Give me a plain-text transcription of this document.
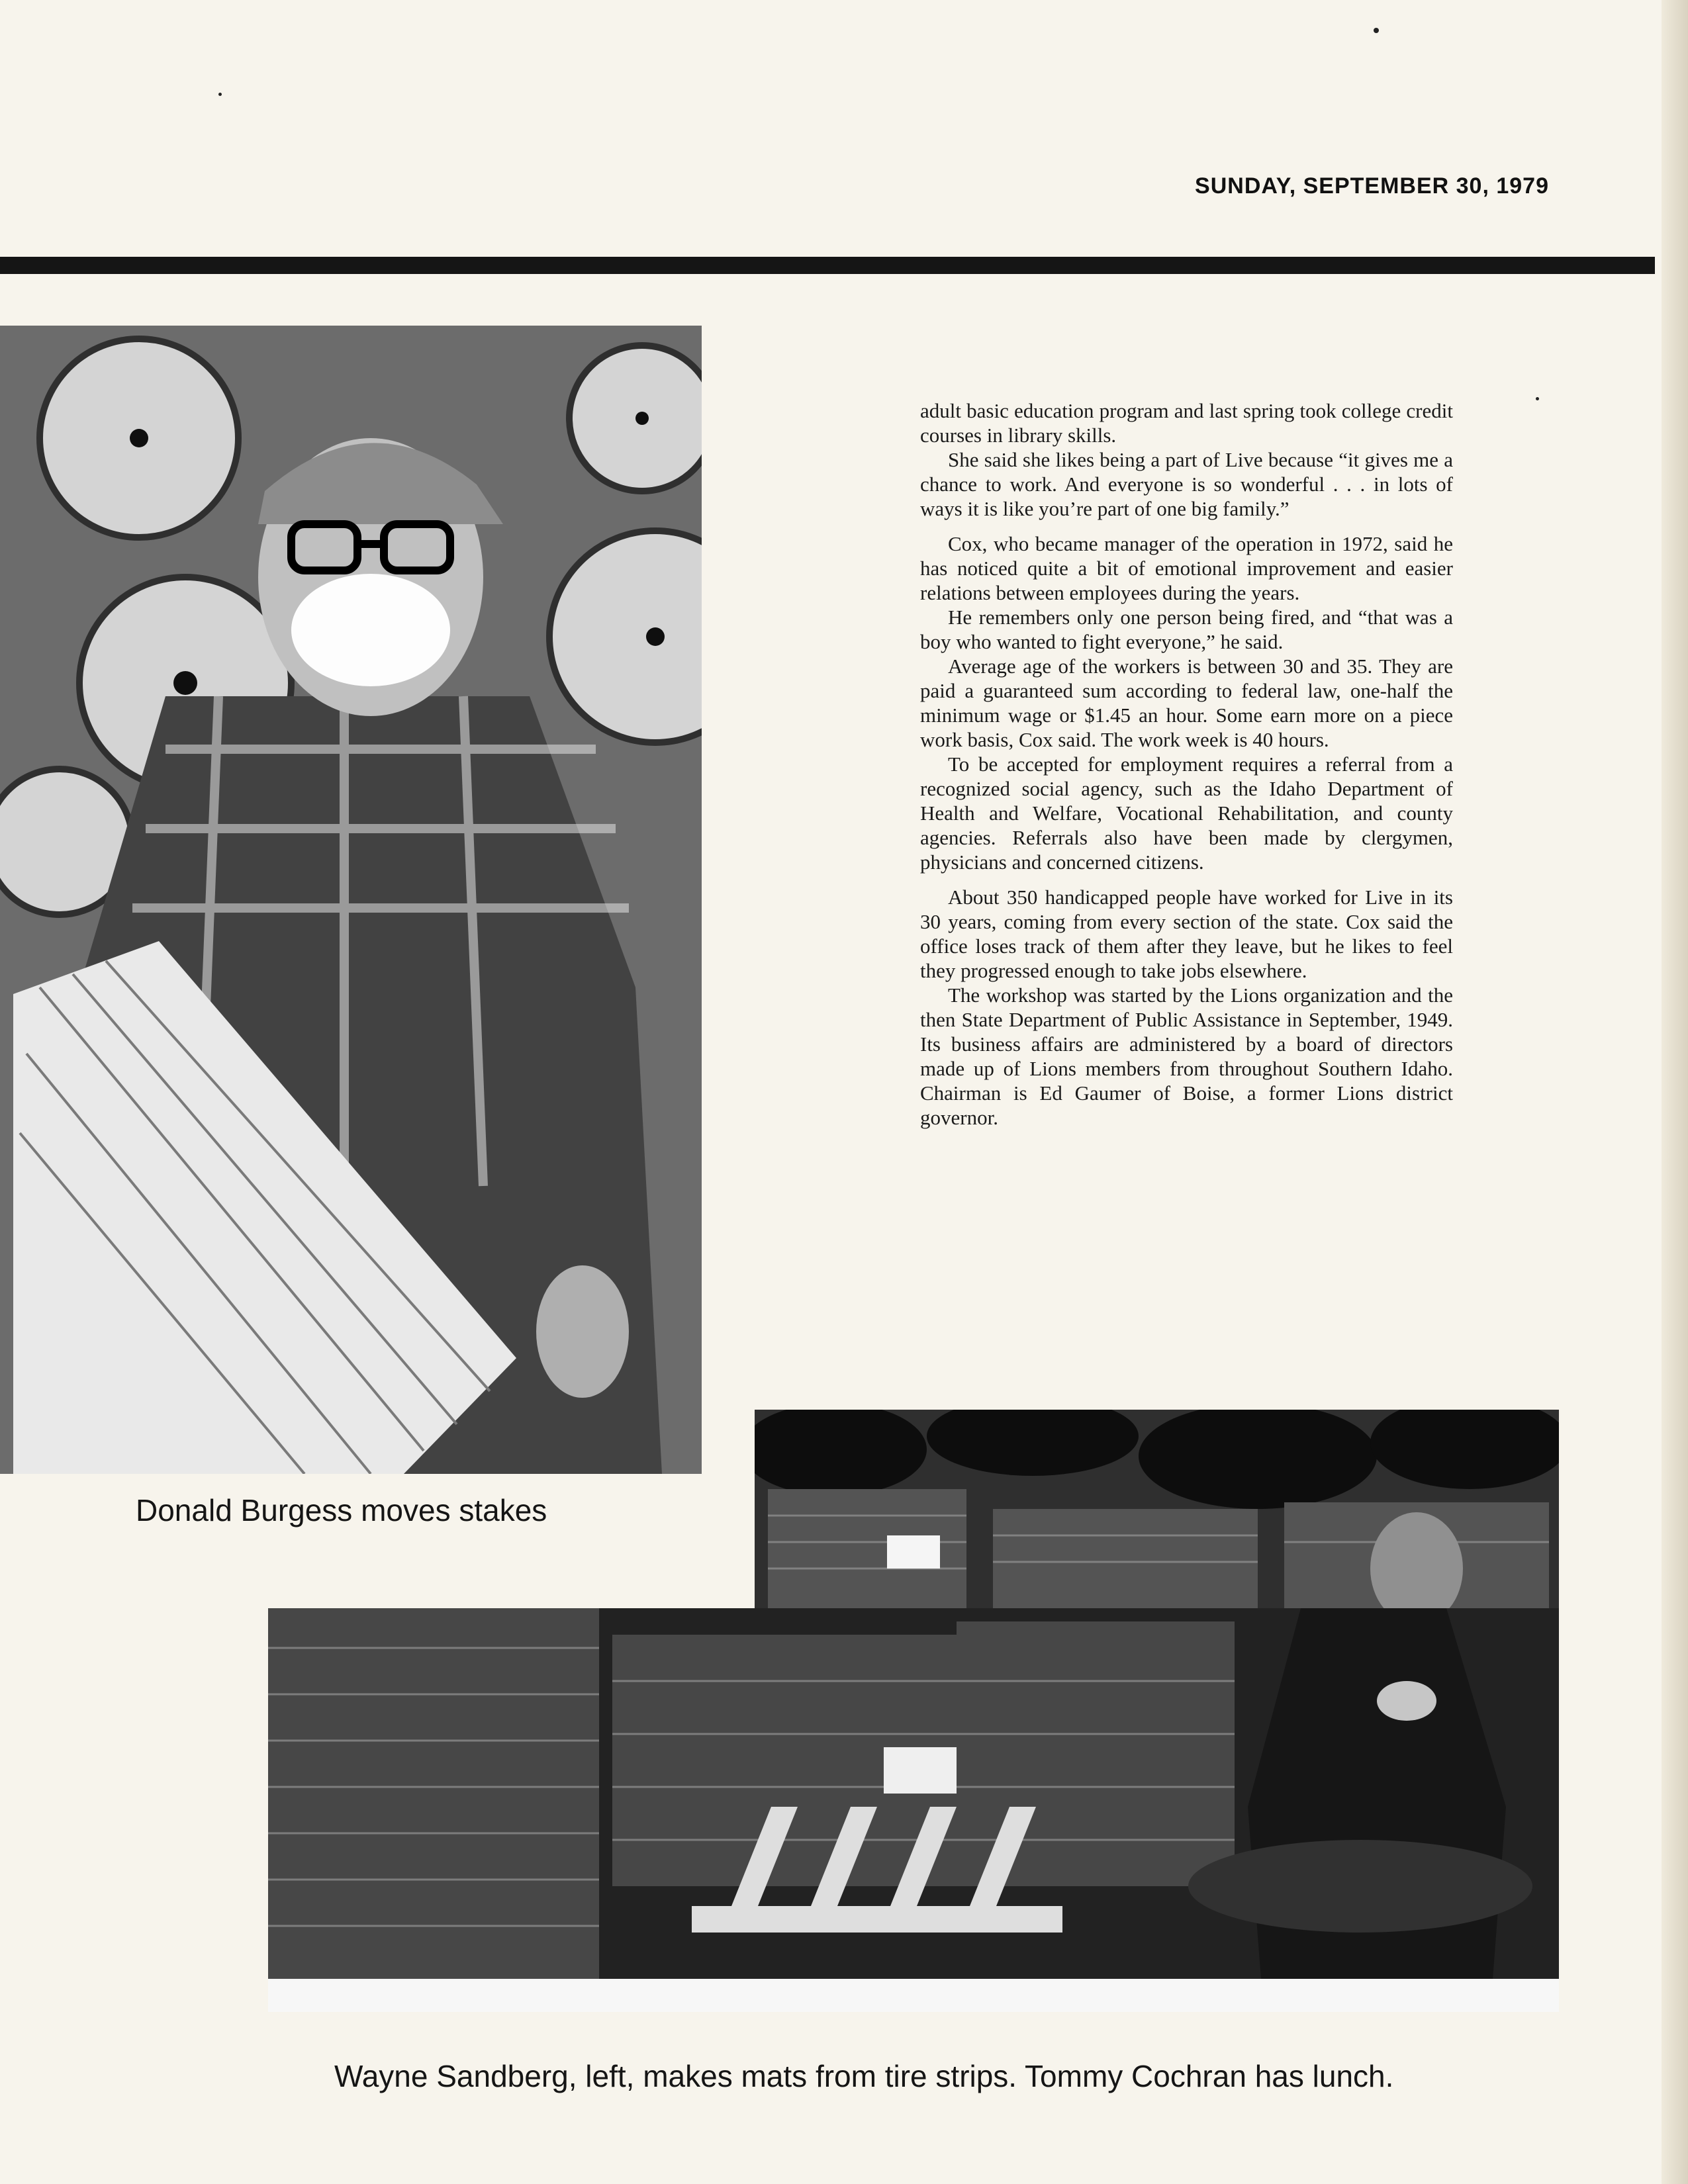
SUNDAY, SEPTEMBER 30, 1979
Donald Burgess moves stakes

adult basic education program and last spring took college credit courses in library skills.

She said she likes being a part of Live because “it gives me a chance to work. And everyone is so wonderful . . . in lots of ways it is like you’re part of one big family.”

Cox, who became manager of the operation in 1972, said he has noticed quite a bit of emotional improvement and easier relations between employees during the years.

He remembers only one person being fired, and “that was a boy who wanted to fight everyone,” he said.

Average age of the workers is between 30 and 35. They are paid a guaranteed sum according to federal law, one-half the minimum wage or $1.45 an hour. Some earn more on a piece work basis, Cox said. The work week is 40 hours.

To be accepted for employment requires a referral from a recognized social agency, such as the Idaho Department of Health and Welfare, Vocational Rehabilitation, and county agencies. Referrals also have been made by clergymen, physicians and concerned citizens.

About 350 handicapped people have worked for Live in its 30 years, coming from every section of the state. Cox said the office loses track of them after they leave, but he likes to feel they progressed enough to take jobs elsewhere.

The workshop was started by the Lions organization and the then State Department of Public Assistance in September, 1949. Its business affairs are administered by a board of directors made up of Lions members from throughout Southern Idaho. Chairman is Ed Gaumer of Boise, a former Lions district governor.

Wayne Sandberg, left, makes mats from tire strips. Tommy Cochran has lunch.
